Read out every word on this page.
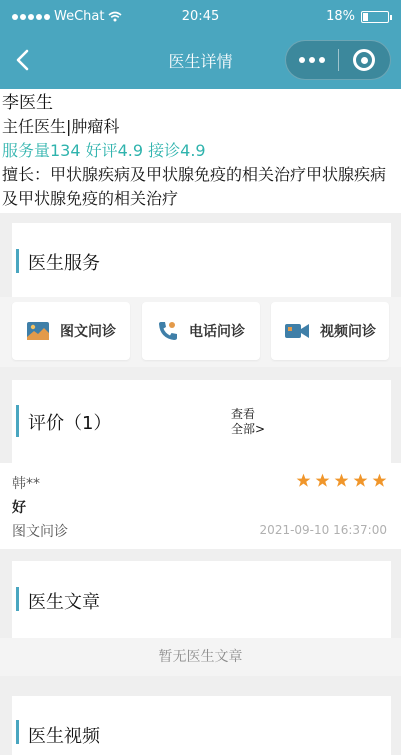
WeChat	20:45	18%
医生详情
李医生
主任医生|肿瘤科
服务量134 好评4.9 接诊4.9
擅长：甲状腺疾病及甲状腺免疫的相关治疗甲状腺疾病及甲状腺免疫的相关治疗
医生服务
图文问诊	电话问诊	视频问诊
评价（1）	查看
全部>
韩**
好
图文问诊	2021-09-10 16:37:00
医生文章
暂无医生文章
医生视频
